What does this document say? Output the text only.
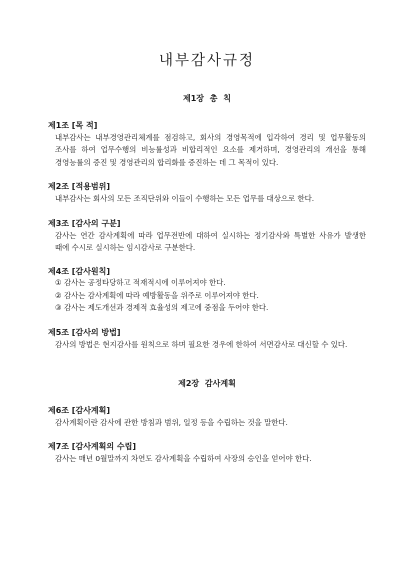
내부감사규정
제1장 총 칙
제1조 [목 적]
내부감사는 내부경영관리체계를 점검하고, 회사의 경영목적에 입각하여 경리 및 업무활동의 조사를 하여 업무수행의 비능률성과 비합리적인 요소를 제거하며, 경영관리의 개선을 통해 경영능률의 증진 및 경영관리의 합리화를 증진하는 데 그 목적이 있다.
제2조 [적용범위]
내부감사는 회사의 모든 조직단위와 이들이 수행하는 모든 업무를 대상으로 한다.
제3조 [감사의 구분]
감사는 연간 감사계획에 따라 업무전반에 대하여 실시하는 정기감사와 특별한 사유가 발생한 때에 수시로 실시하는 임시감사로 구분한다.
제4조 [감사원칙]
① 감사는 공정타당하고 적재적시에 이루어져야 한다.
② 감사는 감사계획에 따라 예방활동을 위주로 이루어져야 한다.
③ 감사는 제도개선과 경제적 효율성의 제고에 중점을 두어야 한다.
제5조 [감사의 방법]
감사의 방법은 현지감사를 원칙으로 하며 필요한 경우에 한하여 서면감사로 대신할 수 있다.
제2장 감사계획
제6조 [감사계획]
감사계획이란 감사에 관한 방침과 범위, 일정 등을 수립하는 것을 말한다.
제7조 [감사계획의 수립]
감사는 매년 0월말까지 차연도 감사계획을 수립하여 사장의 승인을 얻어야 한다.
